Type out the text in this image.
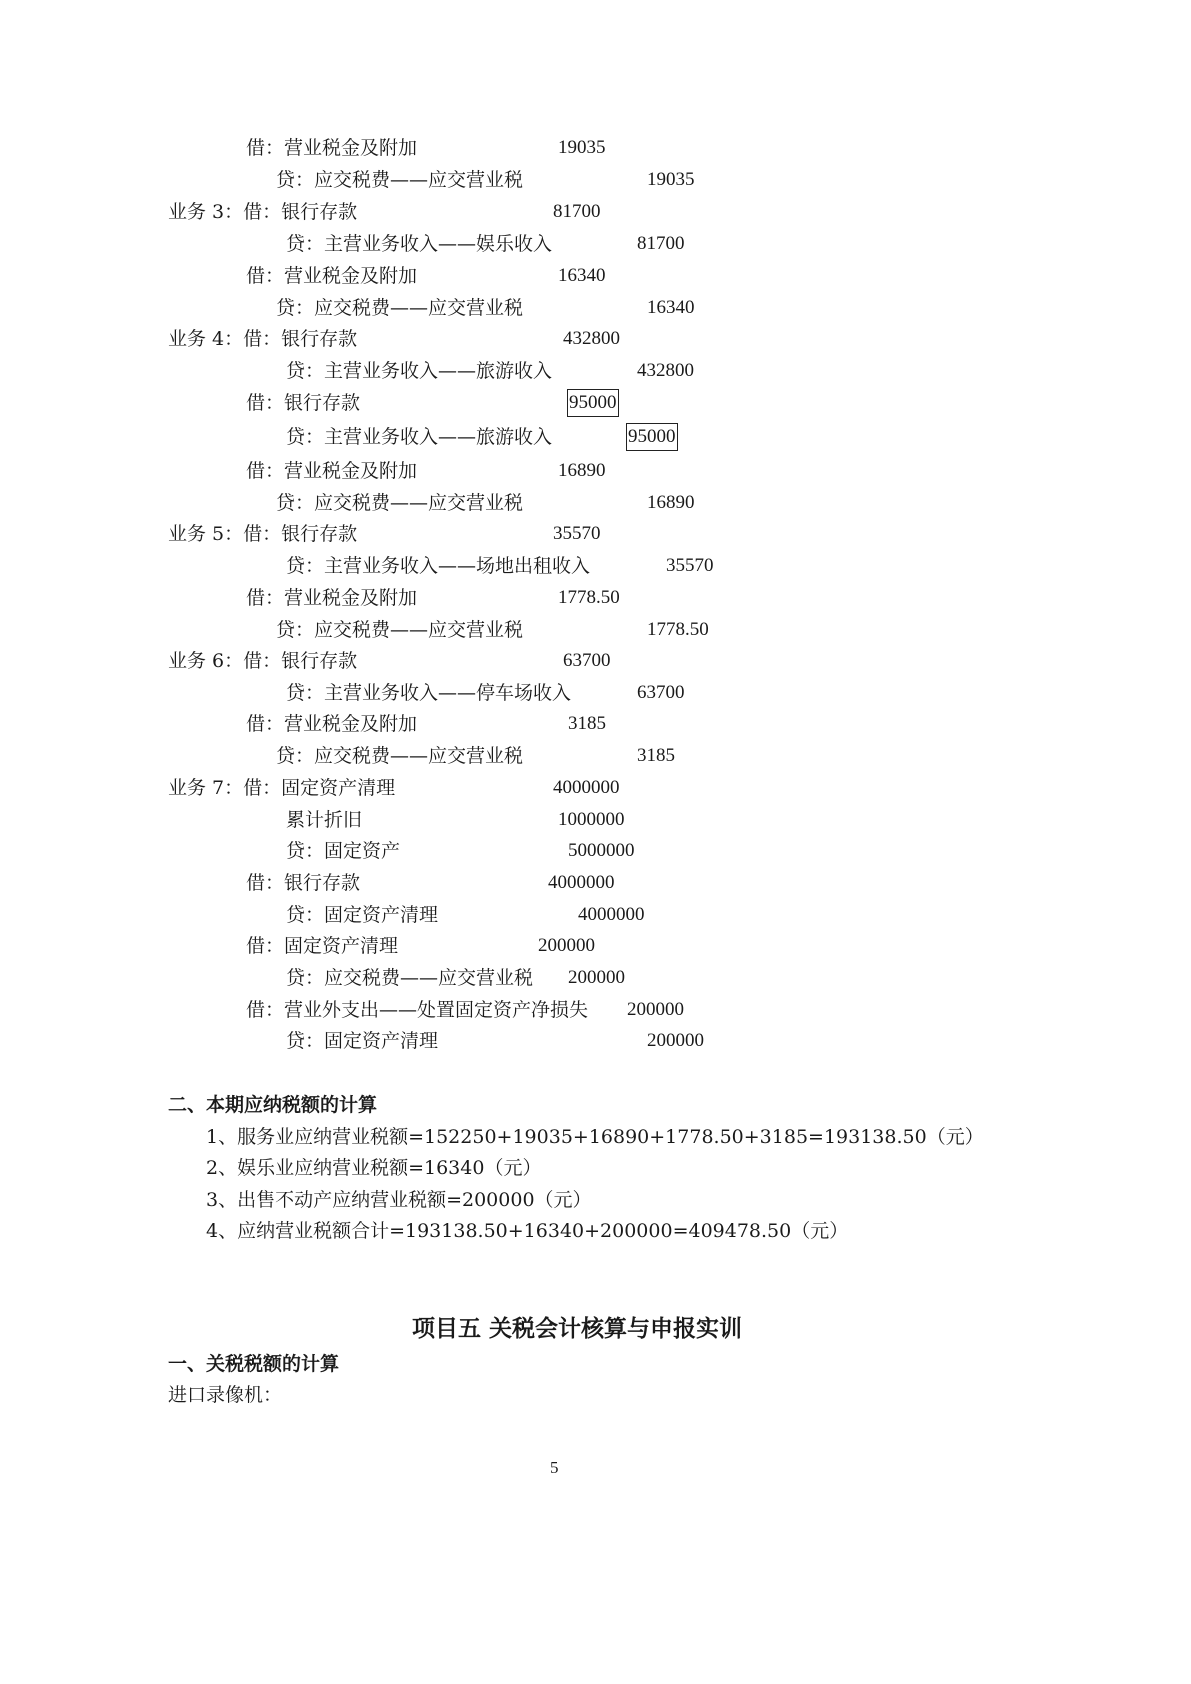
借：营业税金及附加	19035
贷：应交税费——应交营业税	19035
业务 3：借：银行存款	81700
贷：主营业务收入——娱乐收入	81700
借：营业税金及附加	16340
贷：应交税费——应交营业税	16340
业务 4：借：银行存款	432800
贷：主营业务收入——旅游收入	432800
借：银行存款	95000
贷：主营业务收入——旅游收入	95000
借：营业税金及附加	16890
贷：应交税费——应交营业税	16890
业务 5：借：银行存款	35570
贷：主营业务收入——场地出租收入	35570
借：营业税金及附加	1778.50
贷：应交税费——应交营业税	1778.50
业务 6：借：银行存款	63700
贷：主营业务收入——停车场收入	63700
借：营业税金及附加	3185
贷：应交税费——应交营业税	3185
业务 7：借：固定资产清理	4000000
累计折旧	1000000
贷：固定资产	5000000
借：银行存款	4000000
贷：固定资产清理	4000000
借：固定资产清理	200000
贷：应交税费——应交营业税 200000
借：营业外支出——处置固定资产净损失 200000
贷：固定资产清理	200000
二、本期应纳税额的计算
1、服务业应纳营业税额=152250+19035+16890+1778.50+3185=193138.50（元）
2、娱乐业应纳营业税额=16340（元）
3、出售不动产应纳营业税额=200000（元）
4、应纳营业税额合计=193138.50+16340+200000=409478.50（元）
项目五 关税会计核算与申报实训
一、关税税额的计算
进口录像机：
5
